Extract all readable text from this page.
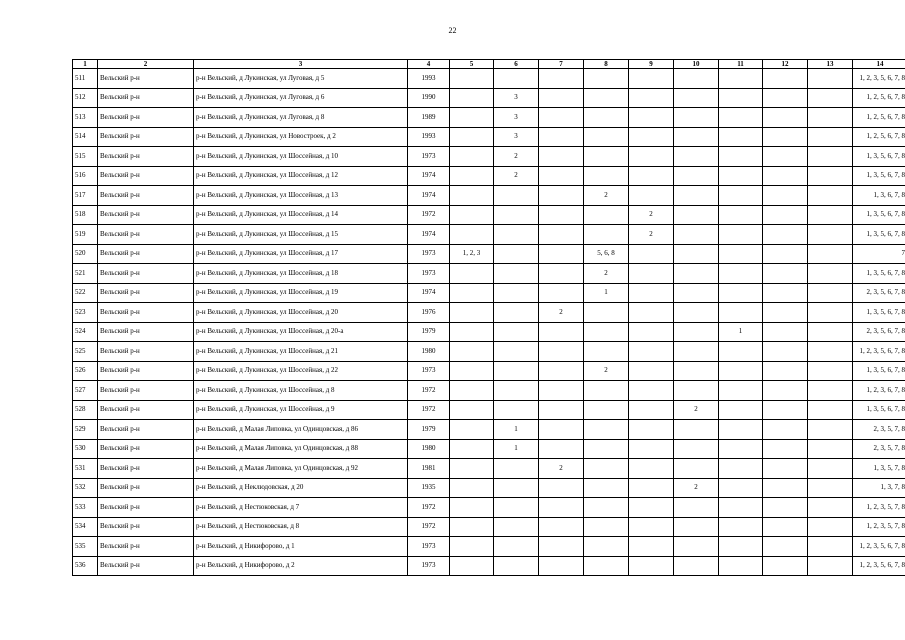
22
1	2	3	4	5	6	7	8	9	10	11	12	13	14
511	Вельский р-н	р-н Вельский, д Лукинская, ул Луговая, д 5	1993										1, 2, 3, 5, 6, 7, 8
512	Вельский р-н	р-н Вельский, д Лукинская, ул Луговая, д 6	1990		3								1, 2, 5, 6, 7, 8
513	Вельский р-н	р-н Вельский, д Лукинская, ул Луговая, д 8	1989		3								1, 2, 5, 6, 7, 8
514	Вельский р-н	р-н Вельский, д Лукинская, ул Новостроек, д 2	1993		3								1, 2, 5, 6, 7, 8
515	Вельский р-н	р-н Вельский, д Лукинская, ул Шоссейная, д 10	1973		2								1, 3, 5, 6, 7, 8
516	Вельский р-н	р-н Вельский, д Лукинская, ул Шоссейная, д 12	1974		2								1, 3, 5, 6, 7, 8
517	Вельский р-н	р-н Вельский, д Лукинская, ул Шоссейная, д 13	1974				2						1, 3, 6, 7, 8
518	Вельский р-н	р-н Вельский, д Лукинская, ул Шоссейная, д 14	1972					2					1, 3, 5, 6, 7, 8
519	Вельский р-н	р-н Вельский, д Лукинская, ул Шоссейная, д 15	1974					2					1, 3, 5, 6, 7, 8
520	Вельский р-н	р-н Вельский, д Лукинская, ул Шоссейная, д 17	1973	1, 2, 3			5, 6, 8						7
521	Вельский р-н	р-н Вельский, д Лукинская, ул Шоссейная, д 18	1973				2						1, 3, 5, 6, 7, 8
522	Вельский р-н	р-н Вельский, д Лукинская, ул Шоссейная, д 19	1974				1						2, 3, 5, 6, 7, 8
523	Вельский р-н	р-н Вельский, д Лукинская, ул Шоссейная, д 20	1976			2							1, 3, 5, 6, 7, 8
524	Вельский р-н	р-н Вельский, д Лукинская, ул Шоссейная, д 20-а	1979							1			2, 3, 5, 6, 7, 8
525	Вельский р-н	р-н Вельский, д Лукинская, ул Шоссейная, д 21	1980										1, 2, 3, 5, 6, 7, 8
526	Вельский р-н	р-н Вельский, д Лукинская, ул Шоссейная, д 22	1973				2						1, 3, 5, 6, 7, 8
527	Вельский р-н	р-н Вельский, д Лукинская, ул Шоссейная, д 8	1972										1, 2, 3, 6, 7, 8
528	Вельский р-н	р-н Вельский, д Лукинская, ул Шоссейная, д 9	1972						2				1, 3, 5, 6, 7, 8
529	Вельский р-н	р-н Вельский, д Малая Липовка, ул Одинцовская, д 86	1979		1								2, 3, 5, 7, 8
530	Вельский р-н	р-н Вельский, д Малая Липовка, ул Одинцовская, д 88	1980		1								2, 3, 5, 7, 8
531	Вельский р-н	р-н Вельский, д Малая Липовка, ул Одинцовская, д 92	1981			2							1, 3, 5, 7, 8
532	Вельский р-н	р-н Вельский, д Неклюдовская, д 20	1935						2				1, 3, 7, 8
533	Вельский р-н	р-н Вельский, д Нестюковская, д 7	1972										1, 2, 3, 5, 7, 8
534	Вельский р-н	р-н Вельский, д Нестюковская, д 8	1972										1, 2, 3, 5, 7, 8
535	Вельский р-н	р-н Вельский, д Никифорово, д 1	1973										1, 2, 3, 5, 6, 7, 8
536	Вельский р-н	р-н Вельский, д Никифорово, д 2	1973										1, 2, 3, 5, 6, 7, 8
